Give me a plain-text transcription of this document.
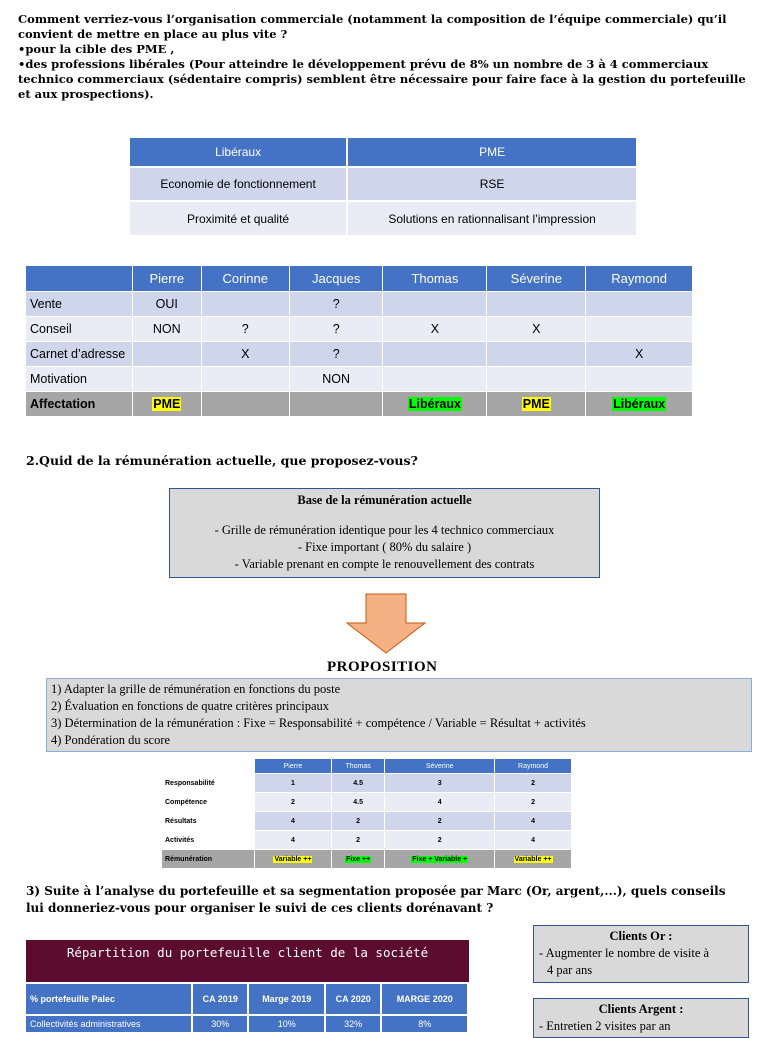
Comment verriez-vous l’organisation commerciale (notamment la composition de l’équipe commerciale) qu’il convient de mettre en place au plus vite ?

•pour la cible des PME ,

•des professions libérales (Pour atteindre le développement prévu de 8% un nombre de 3 à 4 commerciaux technico commerciaux (sédentaire compris) semblent être nécessaire pour faire face à la gestion du portefeuille et aux prospections).

Libéraux	PME
Economie de fonctionnement	RSE
Proximité et qualité	Solutions en rationnalisant l’impression
	Pierre	Corinne	Jacques	Thomas	Séverine	Raymond
Vente	OUI		?			
Conseil	NON	?	?	X	X	
Carnet d’adresse		X	?			X
Motivation			NON			
Affectation	PME			Libéraux	PME	Libéraux
2.Quid de la rémunération actuelle, que proposez-vous?
Base de la rémunération actuelle
- Grille de rémunération identique pour les 4 technico commerciaux
- Fixe important ( 80% du salaire )
- Variable prenant en compte le renouvellement des contrats
PROPOSITION
1) Adapter la grille de rémunération en fonctions du poste
2) Évaluation en fonctions de quatre critères principaux
3) Détermination de la rémunération : Fixe = Responsabilité + compétence / Variable = Résultat + activités
4) Pondération du score
	Pierre	Thomas	Séverine	Raymond
Responsabilité	1	4.5	3	2
Compétence	2	4.5	4	2
Résultats	4	2	2	4
Activités	4	2	2	4
Rémunération	Variable ++	Fixe ++	Fixe + Variable +	Variable ++
3) Suite à l’analyse du portefeuille et sa segmentation proposée par Marc (Or, argent,...), quels conseils lui donneriez-vous pour organiser le suivi de ces clients dorénavant ?
Répartition du portefeuille client de la société
% portefeuille Palec	CA 2019	Marge 2019	CA 2020	MARGE 2020
Collectivités administratives	30%	10%	32%	8%
Clients Or :
- Augmenter le nombre de visite à
4 par ans
Clients Argent :
- Entretien 2 visites par an
